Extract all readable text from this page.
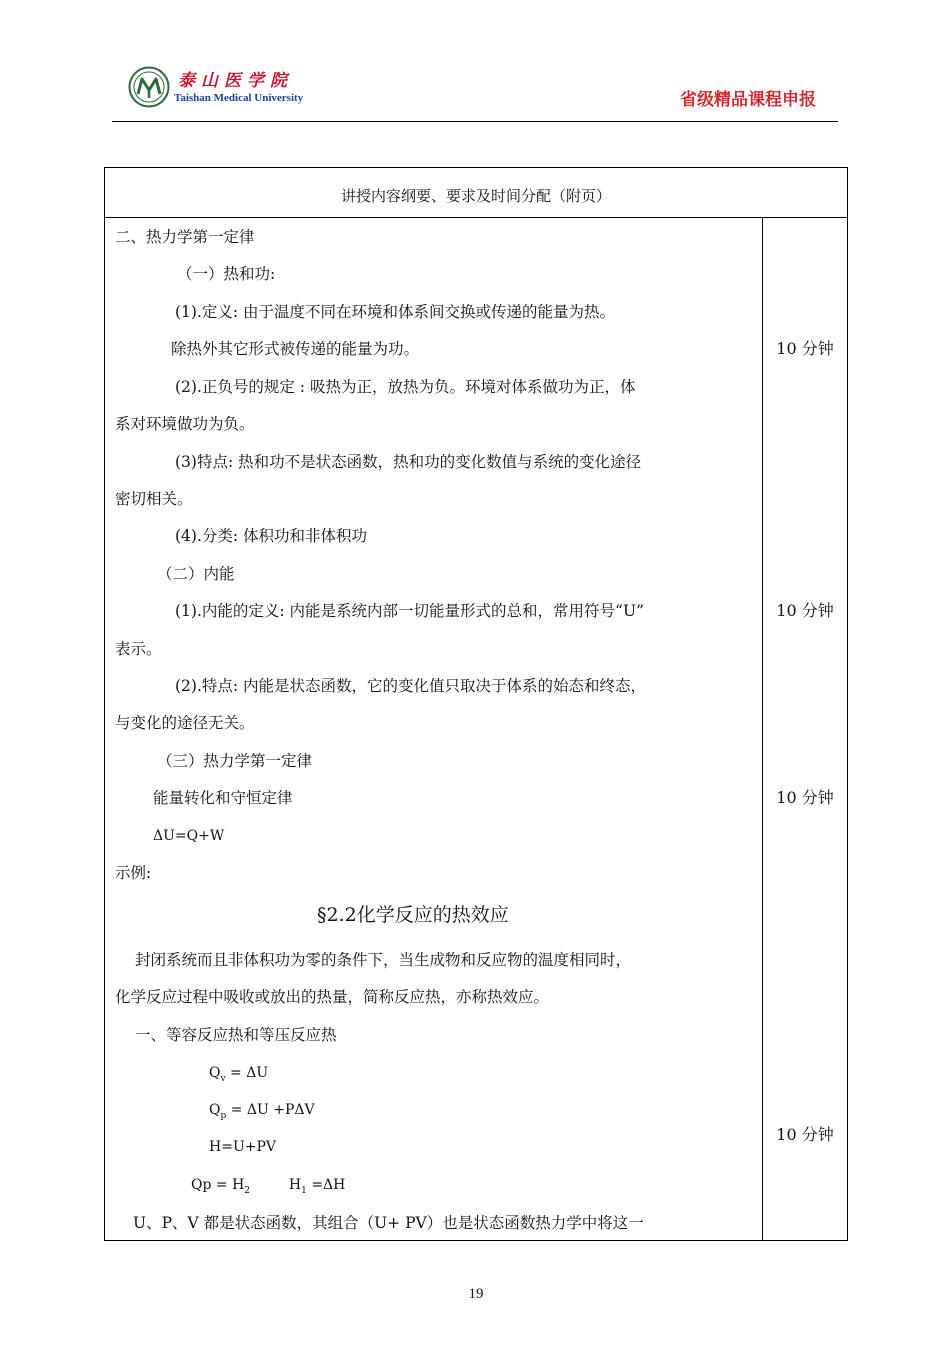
泰山医学院
Taishan Medical University	省级精品课程申报
讲授内容纲要、要求及时间分配（附页）
二、热力学第一定律
（一）热和功:
(1).定义: 由于温度不同在环境和体系间交换或传递的能量为热。
除热外其它形式被传递的能量为功。
(2).正负号的规定 : 吸热为正，放热为负。环境对体系做功为正，体
系对环境做功为负。
(3)特点: 热和功不是状态函数，热和功的变化数值与系统的变化途径
密切相关。
(4).分类: 体积功和非体积功
（二）内能
(1).内能的定义: 内能是系统内部一切能量形式的总和，常用符号“U”
表示。
(2).特点: 内能是状态函数，它的变化值只取决于体系的始态和终态，
与变化的途径无关。
（三）热力学第一定律
能量转化和守恒定律
ΔU=Q+W
示例:
§2.2化学反应的热效应
封闭系统而且非体积功为零的条件下，当生成物和反应物的温度相同时，
化学反应过程中吸收或放出的热量，简称反应热，亦称热效应。
一、等容反应热和等压反应热
$Q_v = \Delta U$
$Q_p = \Delta U +P\Delta V$
H=U+PV
$Qp = H_2$	$H_1 =\Delta H$
U、P、V 都是状态函数，其组合（U+ PV）也是状态函数热力学中将这一
10 分钟
10 分钟
10 分钟
10 分钟
19
